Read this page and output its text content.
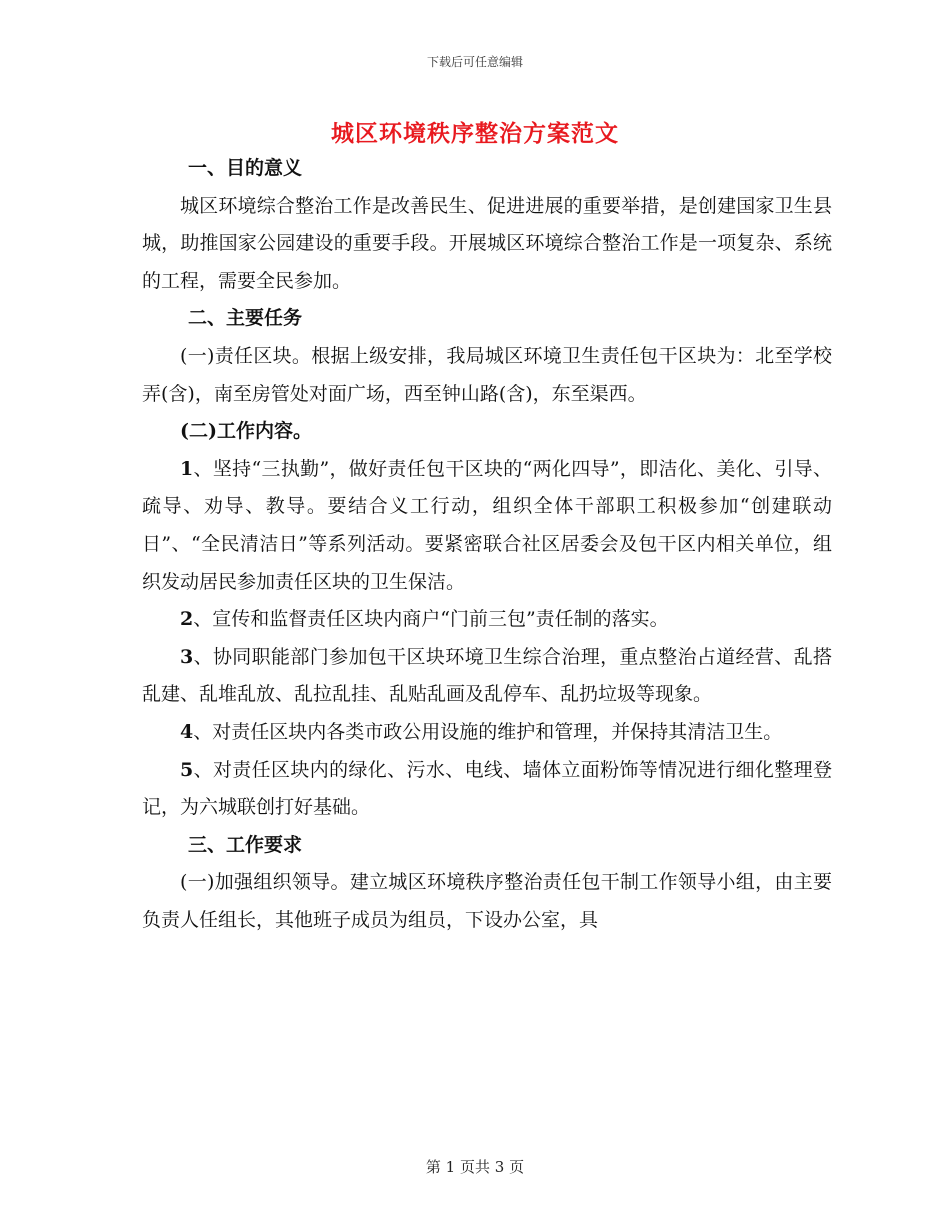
下载后可任意编辑
城区环境秩序整治方案范文

一、目的意义

城区环境综合整治工作是改善民生、促进进展的重要举措，是创建国家卫生县城，助推国家公园建设的重要手段。开展城区环境综合整治工作是一项复杂、系统的工程，需要全民参加。

二、主要任务

(一)责任区块。根据上级安排，我局城区环境卫生责任包干区块为：北至学校弄(含)，南至房管处对面广场，西至钟山路(含)，东至渠西。

(二)工作内容。

1、坚持“三执勤”，做好责任包干区块的“两化四导”，即洁化、美化、引导、疏导、劝导、教导。要结合义工行动，组织全体干部职工积极参加“创建联动日”、“全民清洁日”等系列活动。要紧密联合社区居委会及包干区内相关单位，组织发动居民参加责任区块的卫生保洁。

2、宣传和监督责任区块内商户“门前三包”责任制的落实。

3、协同职能部门参加包干区块环境卫生综合治理，重点整治占道经营、乱搭乱建、乱堆乱放、乱拉乱挂、乱贴乱画及乱停车、乱扔垃圾等现象。

4、对责任区块内各类市政公用设施的维护和管理，并保持其清洁卫生。

5、对责任区块内的绿化、污水、电线、墙体立面粉饰等情况进行细化整理登记，为六城联创打好基础。

三、工作要求

(一)加强组织领导。建立城区环境秩序整治责任包干制工作领导小组，由主要负责人任组长，其他班子成员为组员，下设办公室，具

第 1 页共 3 页
